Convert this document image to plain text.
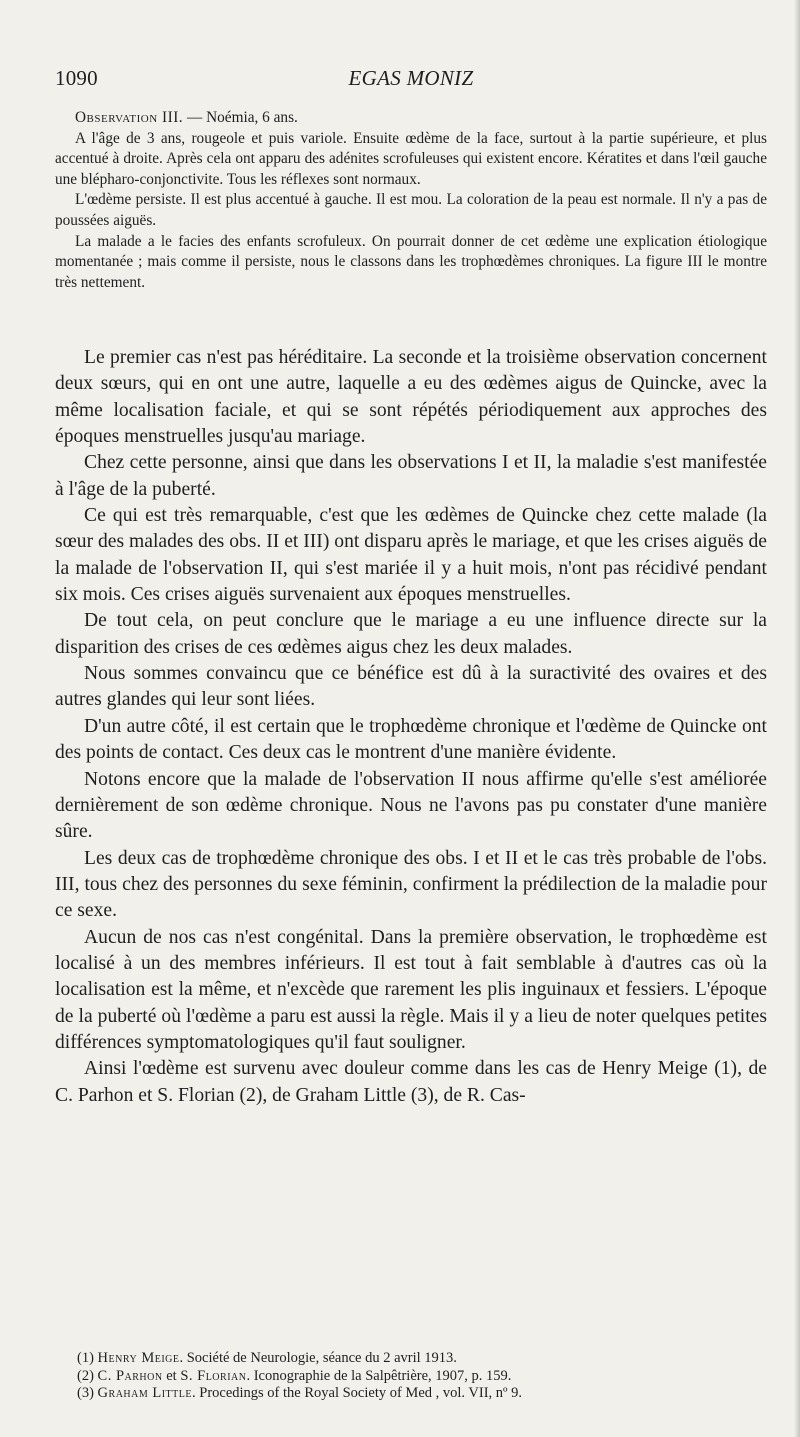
1090	EGAS MONIZ

Observation III. — Noémia, 6 ans.

A l'âge de 3 ans, rougeole et puis variole. Ensuite œdème de la face, surtout à la partie supérieure, et plus accentué à droite. Après cela ont apparu des adénites scrofuleuses qui existent encore. Kératites et dans l'œil gauche une blépharo-conjonctivite. Tous les réflexes sont normaux.

L'œdème persiste. Il est plus accentué à gauche. Il est mou. La coloration de la peau est normale. Il n'y a pas de poussées aiguës.

La malade a le facies des enfants scrofuleux. On pourrait donner de cet œdème une explication étiologique momentanée ; mais comme il persiste, nous le classons dans les trophœdèmes chroniques. La figure III le montre très nettement.

Le premier cas n'est pas héréditaire. La seconde et la troisième observation concernent deux sœurs, qui en ont une autre, laquelle a eu des œdèmes aigus de Quincke, avec la même localisation faciale, et qui se sont répétés périodiquement aux approches des époques menstruelles jusqu'au mariage.

Chez cette personne, ainsi que dans les observations I et II, la maladie s'est manifestée à l'âge de la puberté.

Ce qui est très remarquable, c'est que les œdèmes de Quincke chez cette malade (la sœur des malades des obs. II et III) ont disparu après le mariage, et que les crises aiguës de la malade de l'observation II, qui s'est mariée il y a huit mois, n'ont pas récidivé pendant six mois. Ces crises aiguës survenaient aux époques menstruelles.

De tout cela, on peut conclure que le mariage a eu une influence directe sur la disparition des crises de ces œdèmes aigus chez les deux malades.

Nous sommes convaincu que ce bénéfice est dû à la suractivité des ovaires et des autres glandes qui leur sont liées.

D'un autre côté, il est certain que le trophœdème chronique et l'œdème de Quincke ont des points de contact. Ces deux cas le montrent d'une manière évidente.

Notons encore que la malade de l'observation II nous affirme qu'elle s'est améliorée dernièrement de son œdème chronique. Nous ne l'avons pas pu constater d'une manière sûre.

Les deux cas de trophœdème chronique des obs. I et II et le cas très probable de l'obs. III, tous chez des personnes du sexe féminin, confirment la prédilection de la maladie pour ce sexe.

Aucun de nos cas n'est congénital. Dans la première observation, le trophœdème est localisé à un des membres inférieurs. Il est tout à fait semblable à d'autres cas où la localisation est la même, et n'excède que rarement les plis inguinaux et fessiers. L'époque de la puberté où l'œdème a paru est aussi la règle. Mais il y a lieu de noter quelques petites différences symptomatologiques qu'il faut souligner.

Ainsi l'œdème est survenu avec douleur comme dans les cas de Henry Meige (1), de C. Parhon et S. Florian (2), de Graham Little (3), de R. Cas-

(1) Henry Meige. Société de Neurologie, séance du 2 avril 1913.
(2) C. Parhon et S. Florian. Iconographie de la Salpêtrière, 1907, p. 159.
(3) Graham Little. Procedings of the Royal Society of Med , vol. VII, nº 9.
